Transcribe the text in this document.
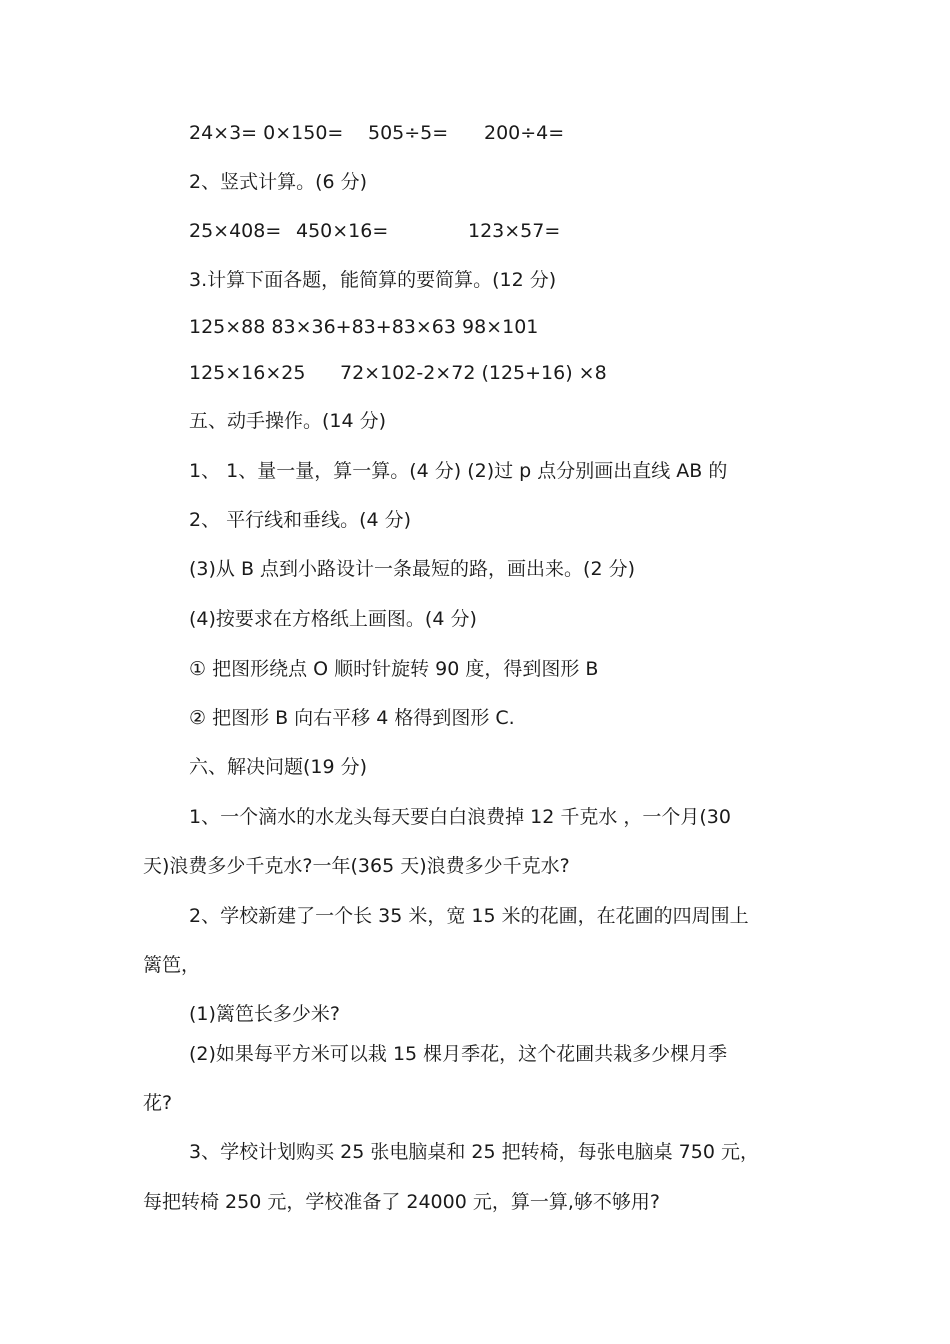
24×3= 0×150= 505÷5= 200÷4=
2、竖式计算。(6 分)
25×408= 450×16=	123×57=
3.计算下面各题，能简算的要简算。(12 分)
125×88 83×36+83+83×63 98×101
125×16×25 72×102-2×72 (125+16) ×8
五、动手操作。(14 分)
1、 1、量一量，算一算。(4 分) (2)过 p 点分别画出直线 AB 的
2、 平行线和垂线。(4 分)
(3)从 B 点到小路设计一条最短的路，画出来。(2 分)
(4)按要求在方格纸上画图。(4 分)
① 把图形绕点 O 顺时针旋转 90 度，得到图形 B
② 把图形 B 向右平移 4 格得到图形 C.
六、解决问题(19 分)
1、一个滴水的水龙头每天要白白浪费掉 12 千克水 ，一个月(30
天)浪费多少千克水?一年(365 天)浪费多少千克水?
2、学校新建了一个长 35 米，宽 15 米的花圃，在花圃的四周围上
篱笆，
(1)篱笆长多少米?
(2)如果每平方米可以栽 15 棵月季花，这个花圃共栽多少棵月季
花?
3、学校计划购买 25 张电脑桌和 25 把转椅，每张电脑桌 750 元，
每把转椅 250 元，学校准备了 24000 元，算一算,够不够用?
